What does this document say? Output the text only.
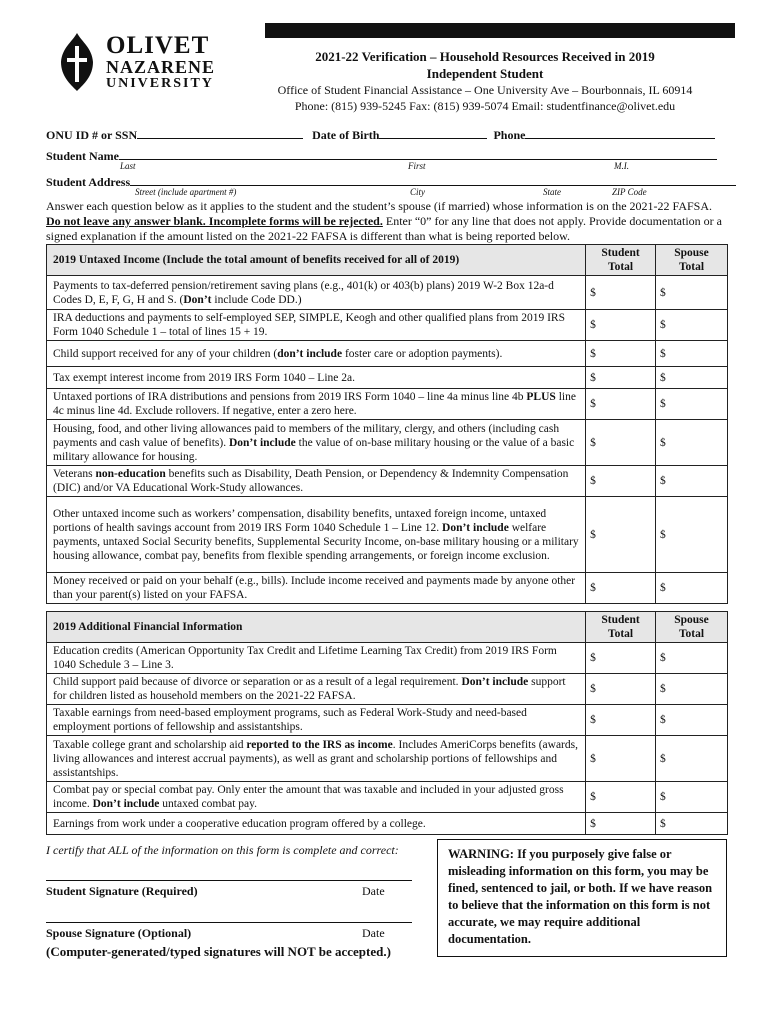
OLIVET
NAZARENE
UNIVERSITY
2021-22 Verification – Household Resources Received in 2019
Independent Student
Office of Student Financial Assistance – One University Ave – Bourbonnais, IL 60914
Phone: (815) 939-5245 Fax: (815) 939-5074 Email: studentfinance@olivet.edu
ONU ID # or SSN	Date of Birth	Phone
Student Name
Last	First	M.I.
Student Address
Street (include apartment #)	City	State	ZIP Code
Answer each question below as it applies to the student and the student’s spouse (if married) whose information is on the 2021-22 FAFSA. Do not leave any answer blank. Incomplete forms will be rejected. Enter “0” for any line that does not apply. Provide documentation or a signed explanation if the amount listed on the 2021-22 FAFSA is different than what is being reported below.
2019 Untaxed Income (Include the total amount of benefits received for all of 2019)	Student Total	Spouse Total
Payments to tax-deferred pension/retirement saving plans (e.g., 401(k) or 403(b) plans) 2019 W-2 Box 12a-d Codes D, E, F, G, H and S. (Don’t include Code DD.)	$	$
IRA deductions and payments to self-employed SEP, SIMPLE, Keogh and other qualified plans from 2019 IRS Form 1040 Schedule 1 – total of lines 15 + 19.	$	$
Child support received for any of your children (don’t include foster care or adoption payments).	$	$
Tax exempt interest income from 2019 IRS Form 1040 – Line 2a.	$	$
Untaxed portions of IRA distributions and pensions from 2019 IRS Form 1040 – line 4a minus line 4b PLUS line 4c minus line 4d. Exclude rollovers. If negative, enter a zero here.	$	$
Housing, food, and other living allowances paid to members of the military, clergy, and others (including cash payments and cash value of benefits). Don’t include the value of on-base military housing or the value of a basic military allowance for housing.	$	$
Veterans non-education benefits such as Disability, Death Pension, or Dependency & Indemnity Compensation (DIC) and/or VA Educational Work-Study allowances.	$	$
Other untaxed income such as workers’ compensation, disability benefits, untaxed foreign income, untaxed portions of health savings account from 2019 IRS Form 1040 Schedule 1 – Line 12. Don’t include welfare payments, untaxed Social Security benefits, Supplemental Security Income, on-base military housing or a military housing allowance, combat pay, benefits from flexible spending arrangements, or foreign income exclusion.	$	$
Money received or paid on your behalf (e.g., bills). Include income received and payments made by anyone other than your parent(s) listed on your FAFSA.	$	$
2019 Additional Financial Information	Student Total	Spouse Total
Education credits (American Opportunity Tax Credit and Lifetime Learning Tax Credit) from 2019 IRS Form 1040 Schedule 3 – Line 3.	$	$
Child support paid because of divorce or separation or as a result of a legal requirement. Don’t include support for children listed as household members on the 2021-22 FAFSA.	$	$
Taxable earnings from need-based employment programs, such as Federal Work-Study and need-based employment portions of fellowship and assistantships.	$	$
Taxable college grant and scholarship aid reported to the IRS as income. Includes AmeriCorps benefits (awards, living allowances and interest accrual payments), as well as grant and scholarship portions of fellowships and assistantships.	$	$
Combat pay or special combat pay. Only enter the amount that was taxable and included in your adjusted gross income. Don’t include untaxed combat pay.	$	$
Earnings from work under a cooperative education program offered by a college.	$	$
I certify that ALL of the information on this form is complete and correct:
Student Signature (Required)	Date
Spouse Signature (Optional)	Date
(Computer-generated/typed signatures will NOT be accepted.)
WARNING: If you purposely give false or misleading information on this form, you may be fined, sentenced to jail, or both. If we have reason to believe that the information on this form is not accurate, we may require additional documentation.
